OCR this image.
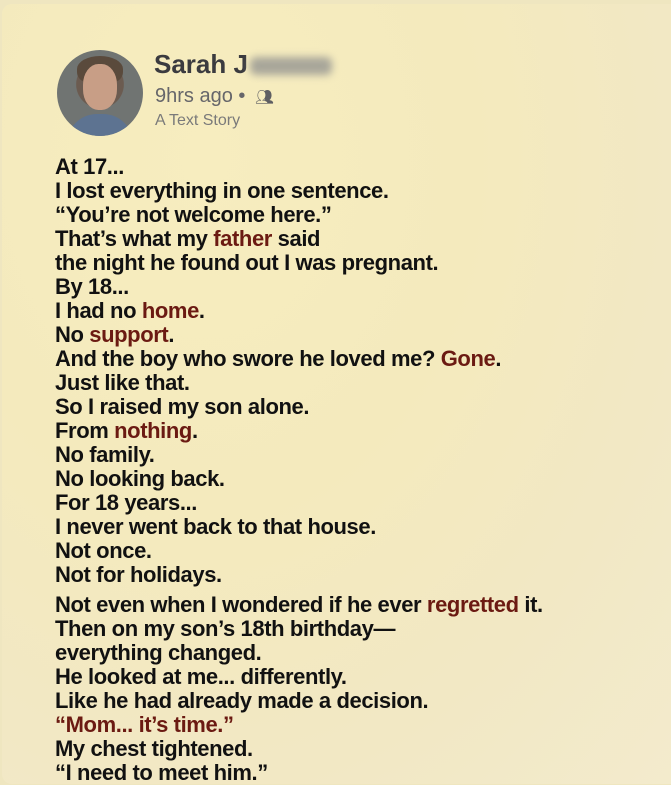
Sarah J
9hrs ago • 👥︎
A Text Story
At 17...
I lost everything in one sentence.
“You’re not welcome here.”
That’s what my father said
the night he found out I was pregnant.
By 18...
I had no home.
No support.
And the boy who swore he loved me? Gone.
Just like that.
So I raised my son alone.
From nothing.
No family.
No looking back.
For 18 years...
I never went back to that house.
Not once.
Not for holidays.
Not even when I wondered if he ever regretted it.
Then on my son’s 18th birthday—
everything changed.
He looked at me... differently.
Like he had already made a decision.
“Mom... it’s time.”
My chest tightened.
“I need to meet him.”
